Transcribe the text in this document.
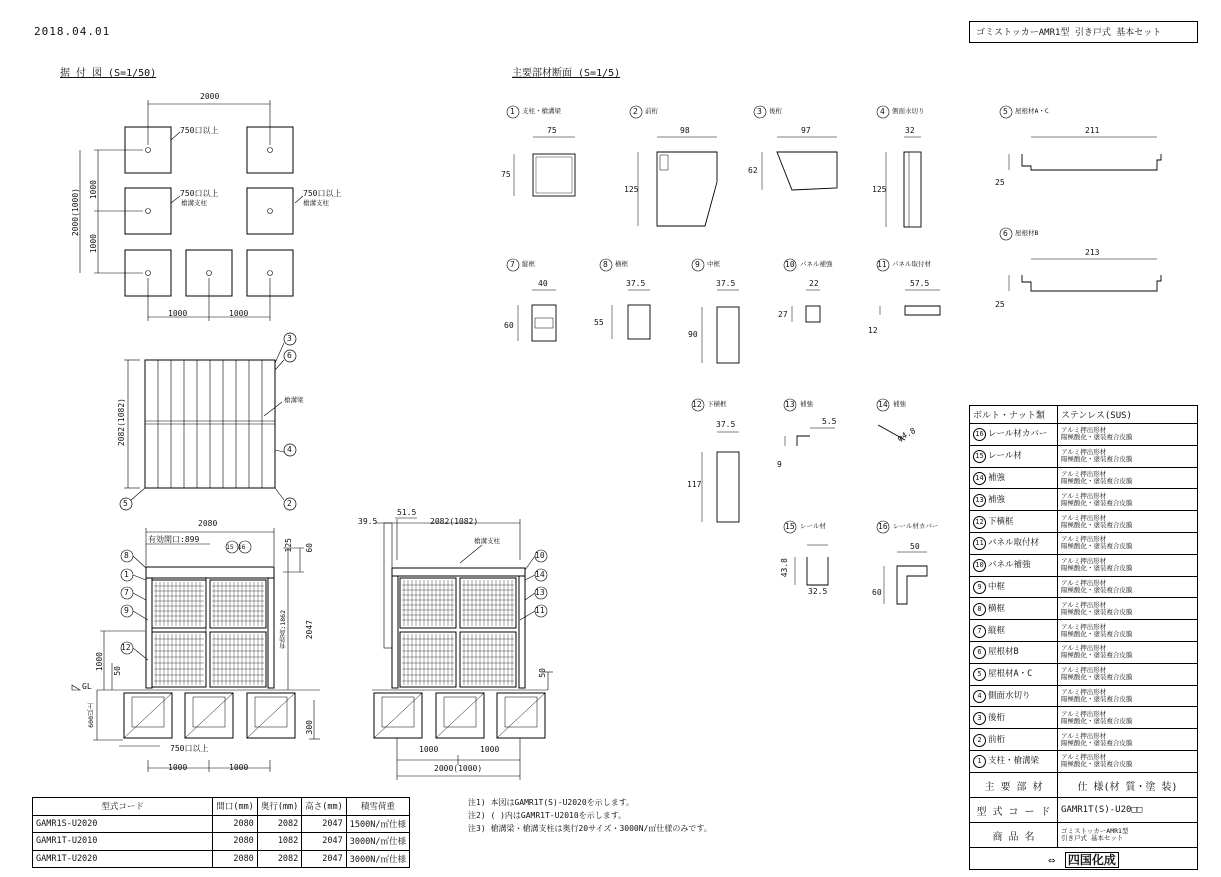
2018.04.01	ゴミストッカーAMR1型 引き戸式 基本セット
据 付 図 (S=1/50)	主要部材断面 (S=1/5)
2000
750口以上
750口以上
槍溝支柱
750口以上
槍溝支柱
1000
1000
2000(1000)
1000	1000
2082(1082)	槍溝梁
3
6
4
5	2
2080
有効開口:899
15 16	125 60
2047
有効高:1862
1000 50
GL
600以上	300
750口以上
1000	1000
8
1
7
9
12
39.5
51.5
2082(1082)
槍溝支柱
50
1000	1000
2000(1000)
10
14
13
11
1 支柱・槍溝梁
75
75
2 前桁
98
125
3 後桁
97
62
4 側面水切り
32
125
5 屋根材A・C
211
25
6 屋根材B
213
25
7 縦框
40
60
8 横框
37.5
55
9 中框
37.5
90
10 パネル補強
22
27
11 パネル取付材
57.5
12
12 下横框
37.5
117
13 補強
5.5
9
14 補強
φ4.8
15 レール材
43.8
32.5
16 レール材カバー
50
60
型式コード	間口(mm)	奥行(mm)	高さ(mm)	積雪荷重
GAMR1S-U2020	2080	2082	2047	1500N/㎡仕様
GAMR1T-U2010	2080	1082	2047	3000N/㎡仕様
GAMR1T-U2020	2080	2082	2047	3000N/㎡仕様
注1) 本図はGAMR1T(S)-U2020を示します。
注2) ( )内はGAMR1T-U2010を示します。
注3) 槍溝梁・槍溝支柱は奥行20サイズ・3000N/㎡仕様のみです。
ボルト・ナット類	ステンレス(SUS)
16 レール材カバー	アルミ押出形材
陽極酸化・塗装複合皮膜

15 レール材	アルミ押出形材
陽極酸化・塗装複合皮膜

14 補強	アルミ押出形材
陽極酸化・塗装複合皮膜

13 補強	アルミ押出形材
陽極酸化・塗装複合皮膜

12 下横框	アルミ押出形材
陽極酸化・塗装複合皮膜

11 パネル取付材	アルミ押出形材
陽極酸化・塗装複合皮膜

10 パネル補強	アルミ押出形材
陽極酸化・塗装複合皮膜

9 中框	アルミ押出形材
陽極酸化・塗装複合皮膜

8 横框	アルミ押出形材
陽極酸化・塗装複合皮膜

7 縦框	アルミ押出形材
陽極酸化・塗装複合皮膜

6 屋根材B	アルミ押出形材
陽極酸化・塗装複合皮膜

5 屋根材A・C	アルミ押出形材
陽極酸化・塗装複合皮膜

4 側面水切り	アルミ押出形材
陽極酸化・塗装複合皮膜

3 後桁	アルミ押出形材
陽極酸化・塗装複合皮膜

2 前桁	アルミ押出形材
陽極酸化・塗装複合皮膜

1 支柱・槍溝梁	アルミ押出形材
陽極酸化・塗装複合皮膜
主 要 部 材	仕 様(材 質・塗 装)
型 式 コ ー ド	GAMR1T(S)-U20□□
商 品 名	ゴミストッカーAMR1型
引き戸式 基本セット

⇔ 四国化成	
